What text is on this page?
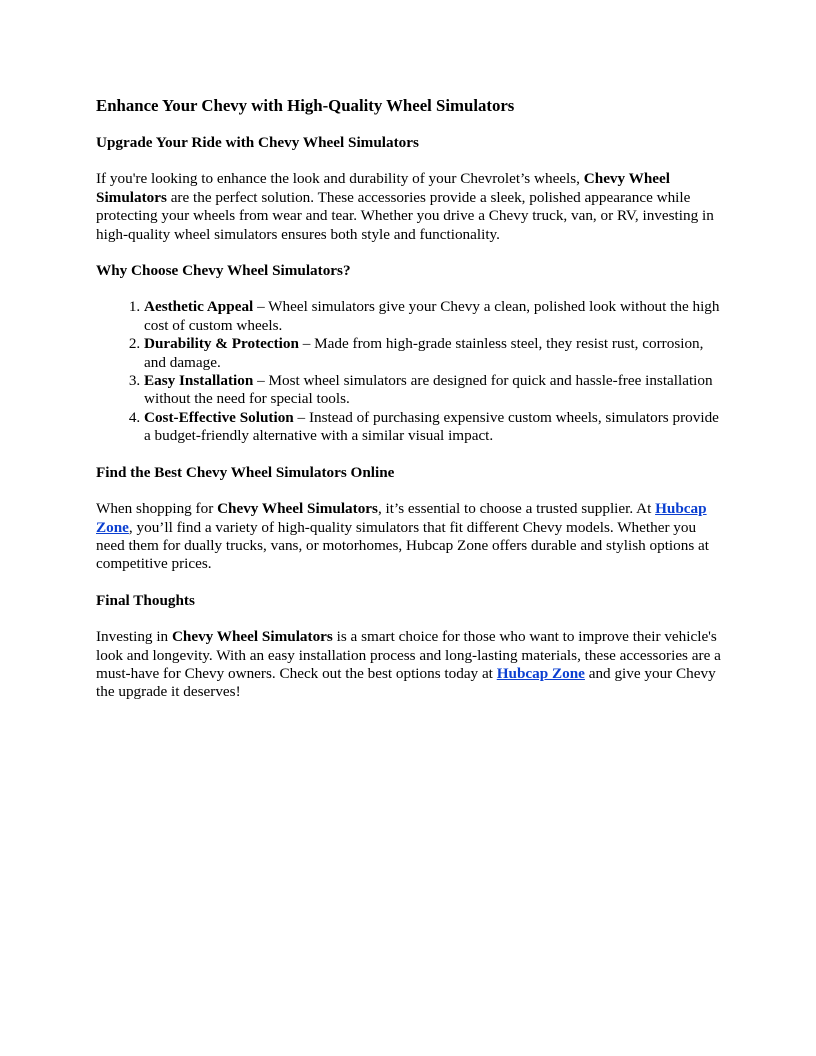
Enhance Your Chevy with High-Quality Wheel Simulators
Upgrade Your Ride with Chevy Wheel Simulators

If you're looking to enhance the look and durability of your Chevrolet’s wheels, Chevy Wheel Simulators are the perfect solution. These accessories provide a sleek, polished appearance while protecting your wheels from wear and tear. Whether you drive a Chevy truck, van, or RV, investing in high-quality wheel simulators ensures both style and functionality.

Why Choose Chevy Wheel Simulators?
1. Aesthetic Appeal – Wheel simulators give your Chevy a clean, polished look without the high cost of custom wheels.
2. Durability & Protection – Made from high-grade stainless steel, they resist rust, corrosion, and damage.
3. Easy Installation – Most wheel simulators are designed for quick and hassle-free installation without the need for special tools.
4. Cost-Effective Solution – Instead of purchasing expensive custom wheels, simulators provide a budget-friendly alternative with a similar visual impact.
Find the Best Chevy Wheel Simulators Online

When shopping for Chevy Wheel Simulators, it’s essential to choose a trusted supplier. At Hubcap Zone, you’ll find a variety of high-quality simulators that fit different Chevy models. Whether you need them for dually trucks, vans, or motorhomes, Hubcap Zone offers durable and stylish options at competitive prices.

Final Thoughts

Investing in Chevy Wheel Simulators is a smart choice for those who want to improve their vehicle's look and longevity. With an easy installation process and long-lasting materials, these accessories are a must-have for Chevy owners. Check out the best options today at Hubcap Zone and give your Chevy the upgrade it deserves!
